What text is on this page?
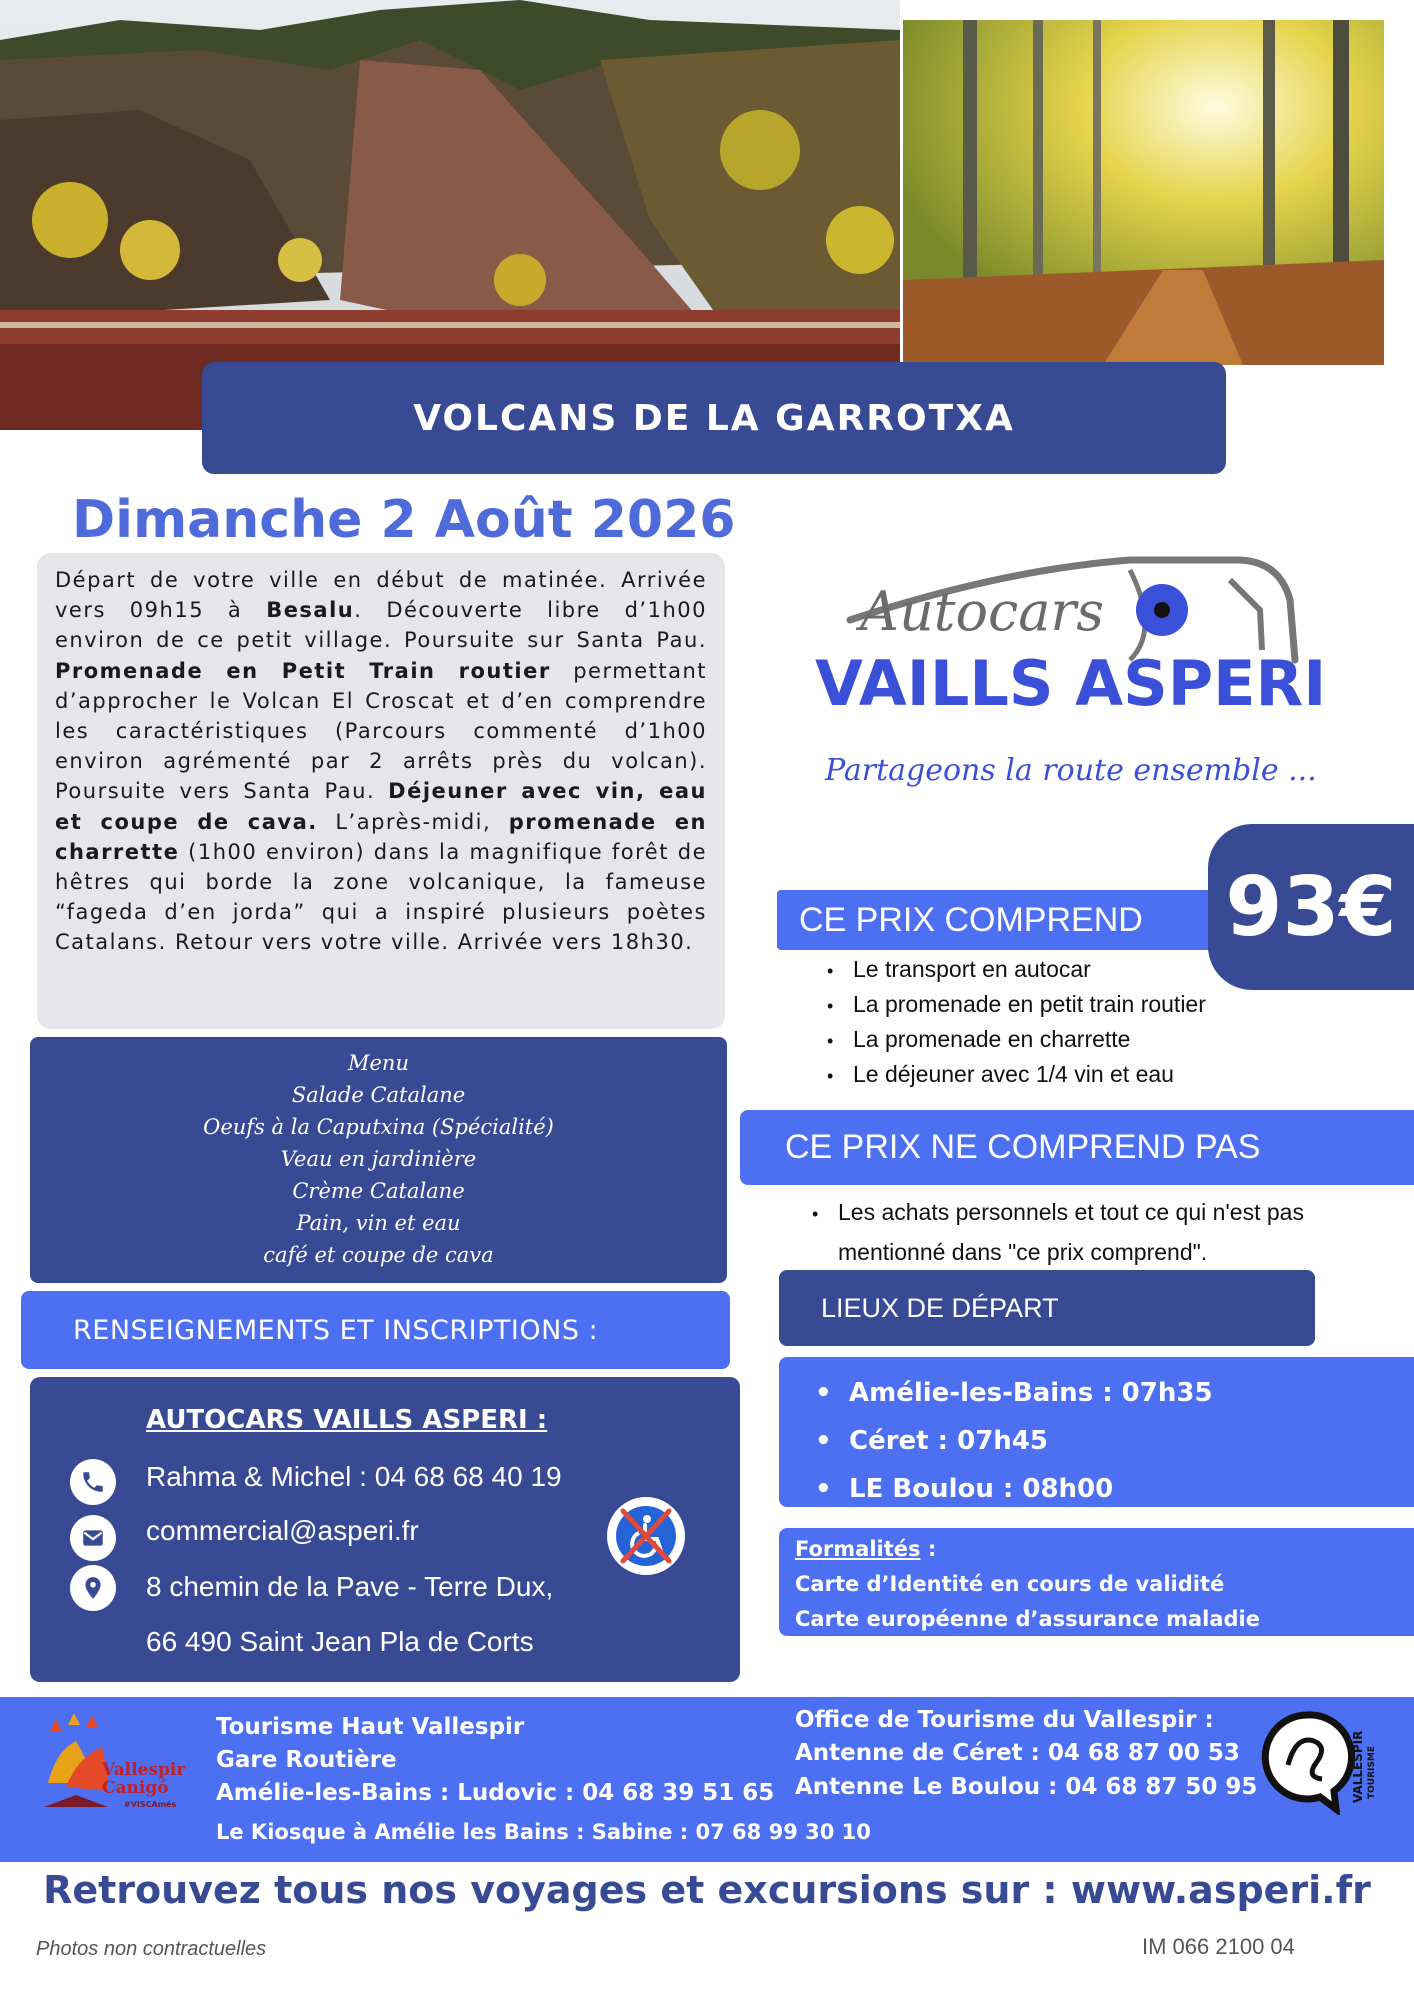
VOLCANS DE LA GARROTXA
Dimanche 2 Août 2026
Départ de votre ville en début de matinée. Arrivée vers 09h15 à Besalu. Découverte libre d’1h00 environ de ce petit village. Poursuite sur Santa Pau. Promenade en Petit Train routier permettant d’approcher le Volcan El Croscat et d’en comprendre les caractéristiques (Parcours commenté d’1h00 environ agrémenté par 2 arrêts près du volcan). Poursuite vers Santa Pau. Déjeuner avec vin, eau et coupe de cava. L’après-midi, promenade en charrette (1h00 environ) dans la magnifique forêt de hêtres qui borde la zone volcanique, la fameuse “fageda d’en jorda” qui a inspiré plusieurs poètes Catalans. Retour vers votre ville. Arrivée vers 18h30.
Menu
Salade Catalane
Oeufs à la Caputxina (Spécialité)
Veau en jardinière
Crème Catalane
Pain, vin et eau
café et coupe de cava
RENSEIGNEMENTS ET INSCRIPTIONS :
AUTOCARS VAILLS ASPERI :
Rahma & Michel : 04 68 68 40 19
commercial@asperi.fr
8 chemin de la Pave - Terre Dux,
66 490 Saint Jean Pla de Corts
Autocars
VAILLS ASPERI
Partageons la route ensemble ...
CE PRIX COMPREND 93€
• Le transport en autocar
• La promenade en petit train routier
• La promenade en charrette
• Le déjeuner avec 1/4 vin et eau
CE PRIX NE COMPREND PAS
• Les achats personnels et tout ce qui n'est pas mentionné dans "ce prix comprend".
LIEUX DE DÉPART
• Amélie-les-Bains : 07h35
• Céret : 07h45
• LE Boulou : 08h00
Formalités :
Carte d’Identité en cours de validité
Carte européenne d’assurance maladie
Vallespir
Canigó
#VISCAmés
Tourisme Haut Vallespir
Gare Routière
Amélie-les-Bains : Ludovic : 04 68 39 51 65
Le Kiosque à Amélie les Bains : Sabine : 07 68 99 30 10
Office de Tourisme du Vallespir :
Antenne de Céret : 04 68 87 00 53
Antenne Le Boulou : 04 68 87 50 95	VALLESPIR TOURISME
Retrouvez tous nos voyages et excursions sur : www.asperi.fr
Photos non contractuelles	IM 066 2100 04
